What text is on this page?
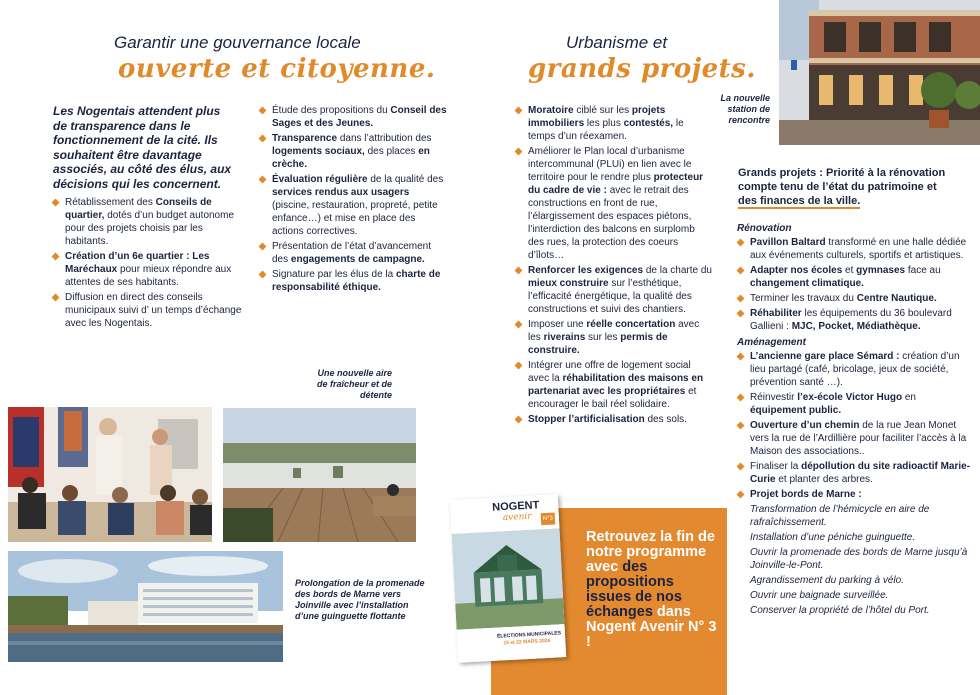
Garantir une gouvernance locale
ouverte et citoyenne.
Les Nogentais attendent plus de transparence dans le fonctionnement de la cité. Ils souhaitent être davantage associés, au côté des élus, aux décisions qui les concernent.
Rétablissement des Conseils de quartier, dotés d’un budget autonome pour des projets choisis par les habitants.
Création d’un 6e quartier : Les Maréchaux pour mieux répondre aux attentes de ses habitants.
Diffusion en direct des conseils municipaux suivi d’ un temps d’échange avec les Nogentais.
Étude des propositions du Conseil des Sages et des Jeunes.
Transparence dans l’attribution des logements sociaux, des places en crèche.
Évaluation régulière de la qualité des services rendus aux usagers (piscine, restauration, propreté, petite enfance…) et mise en place des actions correctives.
Présentation de l’état d’avancement des engagements de campagne.
Signature par les élus de la charte de responsabilité éthique.
Une nouvelle aire de fraîcheur et de détente
Prolongation de la promenade des bords de Marne vers Joinville avec l’installation d’une guinguette flottante
Urbanisme et
grands projets.
La nouvelle station de rencontre
Moratoire ciblé sur les projets immobiliers les plus contestés, le temps d’un réexamen.
Améliorer le Plan local d’urbanisme intercommunal (PLUi) en lien avec le territoire pour le rendre plus protecteur du cadre de vie : avec le retrait des constructions en front de rue, l’élargissement des espaces piétons, l’interdiction des balcons en surplomb des rues, la protection des coeurs d’îlots…
Renforcer les exigences de la charte du mieux construire sur l’esthétique, l’efficacité énergétique, la qualité des constructions et suivi des chantiers.
Imposer une réelle concertation avec les riverains sur les permis de construire.
Intégrer une offre de logement social avec la réhabilitation des maisons en partenariat avec les propriétaires et encourager le bail réel solidaire.
Stopper l’artificialisation des sols.
Grands projets : Priorité à la rénovation
compte tenu de l’état du patrimoine et
des finances de la ville.
Rénovation
Pavillon Baltard transformé en une halle dédiée aux événements culturels, sportifs et artistiques.
Adapter nos écoles et gymnases face au changement climatique.
Terminer les travaux du Centre Nautique.
Réhabiliter les équipements du 36 boulevard Gallieni : MJC, Pocket, Médiathèque.
Aménagement
L’ancienne gare place Sémard : création d’un lieu partagé (café, bricolage, jeux de société, prévention santé …).
Réinvestir l’ex-école Victor Hugo en équipement public.
Ouverture d’un chemin de la rue Jean Monet vers la rue de l’Ardillière pour faciliter l’accès à la Maison des associations..
Finaliser la dépollution du site radioactif Marie-Curie et planter des arbres.
Projet bords de Marne :
Transformation de l’hémicycle en aire de rafraîchissement.
Installation d’une péniche guinguette.
Ouvrir la promenade des bords de Marne jusqu’à Joinville-le-Pont.
Agrandissement du parking à vélo.
Ouvrir une baignade surveillée.
Conserver la propriété de l’hôtel du Port.
NOGENT
avenir	N°3
ÉLECTIONS MUNICIPALES
15 et 22 MARS 2026
Retrouvez la fin de notre programme avec des propositions issues de nos échanges dans Nogent Avenir N° 3 !
